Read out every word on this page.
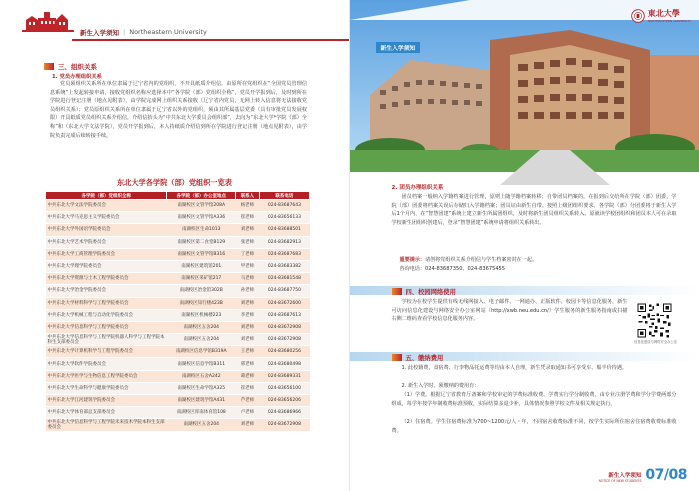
新生入学须知 | Northeastern University
三、组织关系
1. 党员办理组织关系
党员须组织关系所在单位隶属于辽宁省内的党组织，不开具纸质介绍信。由原所在党组织在“全国党员管理信息系统”上发起转接申请，接收党组织名称应选择本中“各学院（部）党组织全称”，党员开学报到后，及时到所在学院进行登记注册（地点见附表），由学院完成网上组织关系接收（辽宁省内党员，无网上转入信息将无法接收党员组织关系）；党员原组织关系所在单位隶属于辽宁省以外的党组织，须由其所属基层党委（具有审批党员发展权限）开具纸质党员组织关系介绍信，介绍信抬头为“中共东北大学委员会组织部”，去向为“东北大学*学院（部）全称”和（东北大学文法学院），党员开学报到后，本人持纸质介绍信到所在学院进行登记注册（地点见附表），由学院负责完成后续转接手续。
东北大学各学院（部）党组织一览表
各学院（部）党组织全称	各学院（部）办公室地点	联系人	联系电话
中共东北大学文法学院委员会	南湖校区文管学馆208A	杨老师	024-83687643
中共东北大学马克思主义学院委员会	南湖校区文管学馆A336	崔老师	024-83656133
中共东北大学外国语学院委员会	南湖校区生命1013	刘老师	024-83688501
中共东北大学艺术学院委员会	南湖校区第二食堂B129	张老师	024-83682913
中共东北大学工商管理学院委员会	南湖校区文管学馆B316	丁老师	024-83687683
中共东北大学理学院委员会	南湖校区建筑馆201	甲老师	024-83683382
中共东北大学资源与土木工程学院委员会	南湖校区采矿馆217	马老师	024-83681548
中共东北大学冶金学院委员会	南湖校区冶金馆302B	孙老师	024-83687750
中共东北大学材料科学与工程学院委员会	南湖校区知行楼423B	刘老师	024-83672600
中共东北大学机械工程与自动化学院委员会	南湖校区机械楼223	李老师	024-83687613
中共东北大学信息科学与工程学院委员会	南湖校区五舍204	刘老师	024-83672908
中共东北大学信息科学与工程学院机器人科学与工程学院本科生支部委员会	南湖校区五舍204	刘老师	024-83672908
中共东北大学计算机科学与工程学院委员会	南湖校区信息学馆B319A	王老师	024-83680256
中共东北大学软件学院委员会	南湖校区信息学馆B311	邢老师	024-83680498
中共东北大学医学与生物信息工程学院委员会	南湖校区五舍A242	葛老师	024-83689331
中共东北大学生命科学与健康学院委员会	南湖校区生命学馆A325	崔老师	024-83656100
中共东北大学江河建筑学院委员会	南湖校区建筑学馆A431	芦老师	024-83656206
中共东北大学体育部总支部委员会	南湖校区浑南体育馆108	卢老师	024-83686966
中共东北大学信息科学与工程学院未来技术学院本科生支部委员会	南湖校区五舍204	刘老师	024-83672908
東北大學
NORTHEASTERN UNIVERSITY
新生入学须知
2. 团员办理组织关系
团员档案一般纳入学籍档案进行管理，原则上随学籍档案转移；自带团员档案的，在报到后交给所在学院（部）团委，学院（部）团委将档案关误后存储归入学籍档案；团员证由新生自带。按照上级团组织要求，各学院（部）分团委将于新生入学后1个月内，在“智慧团建”系统上建立新生所属团组织，及时将新生团员组织关系转入。原就读学校团组织和团员本人可在录取学校新生团组织创建后，登录“智慧团建”系统申请将组织关系转出。
重要提示：请创将党组织关系介绍信与学生档案密封在一起。
咨询电话：024-83687350、024-83675455
四、校园网络使用
学校为在校学生提供有线无线网接入、电子邮件、一网通办、正版软件、校园卡等信息化服务，新生可访问信息化建设与网络安全办公室网站（http://xwb.neu.edu.cn/）学生服务的新生服务指南或扫描右侧二维码查看学校信息化服务内容。
信息化建设与网络安全办公室
五、缴纳费用
1. 此校籍费、食宿费、行李物品托运费等均由本人自理，新生凭录取通知书可享受车、船半价待遇。
2. 新生入学时，须缴纳的费用有：
（1）学费。根据辽宁省教育厅备案和学校审定的学费标准收费。学费实行学分制收费，由专业注册学费和学分学费两部分组成，每学年按学年制收费标准预收，实际结算多退少补，具体情况参照学校文件及相关规定执行。
（2）住宿费。学生住宿费标准为700~1200元/人・年，不同宿舍收费标准不同，按学生实际所住宿舍住宿费收费标准收费。
新生入学须知
NOTICE OF NEW STUDENTS 07/08
